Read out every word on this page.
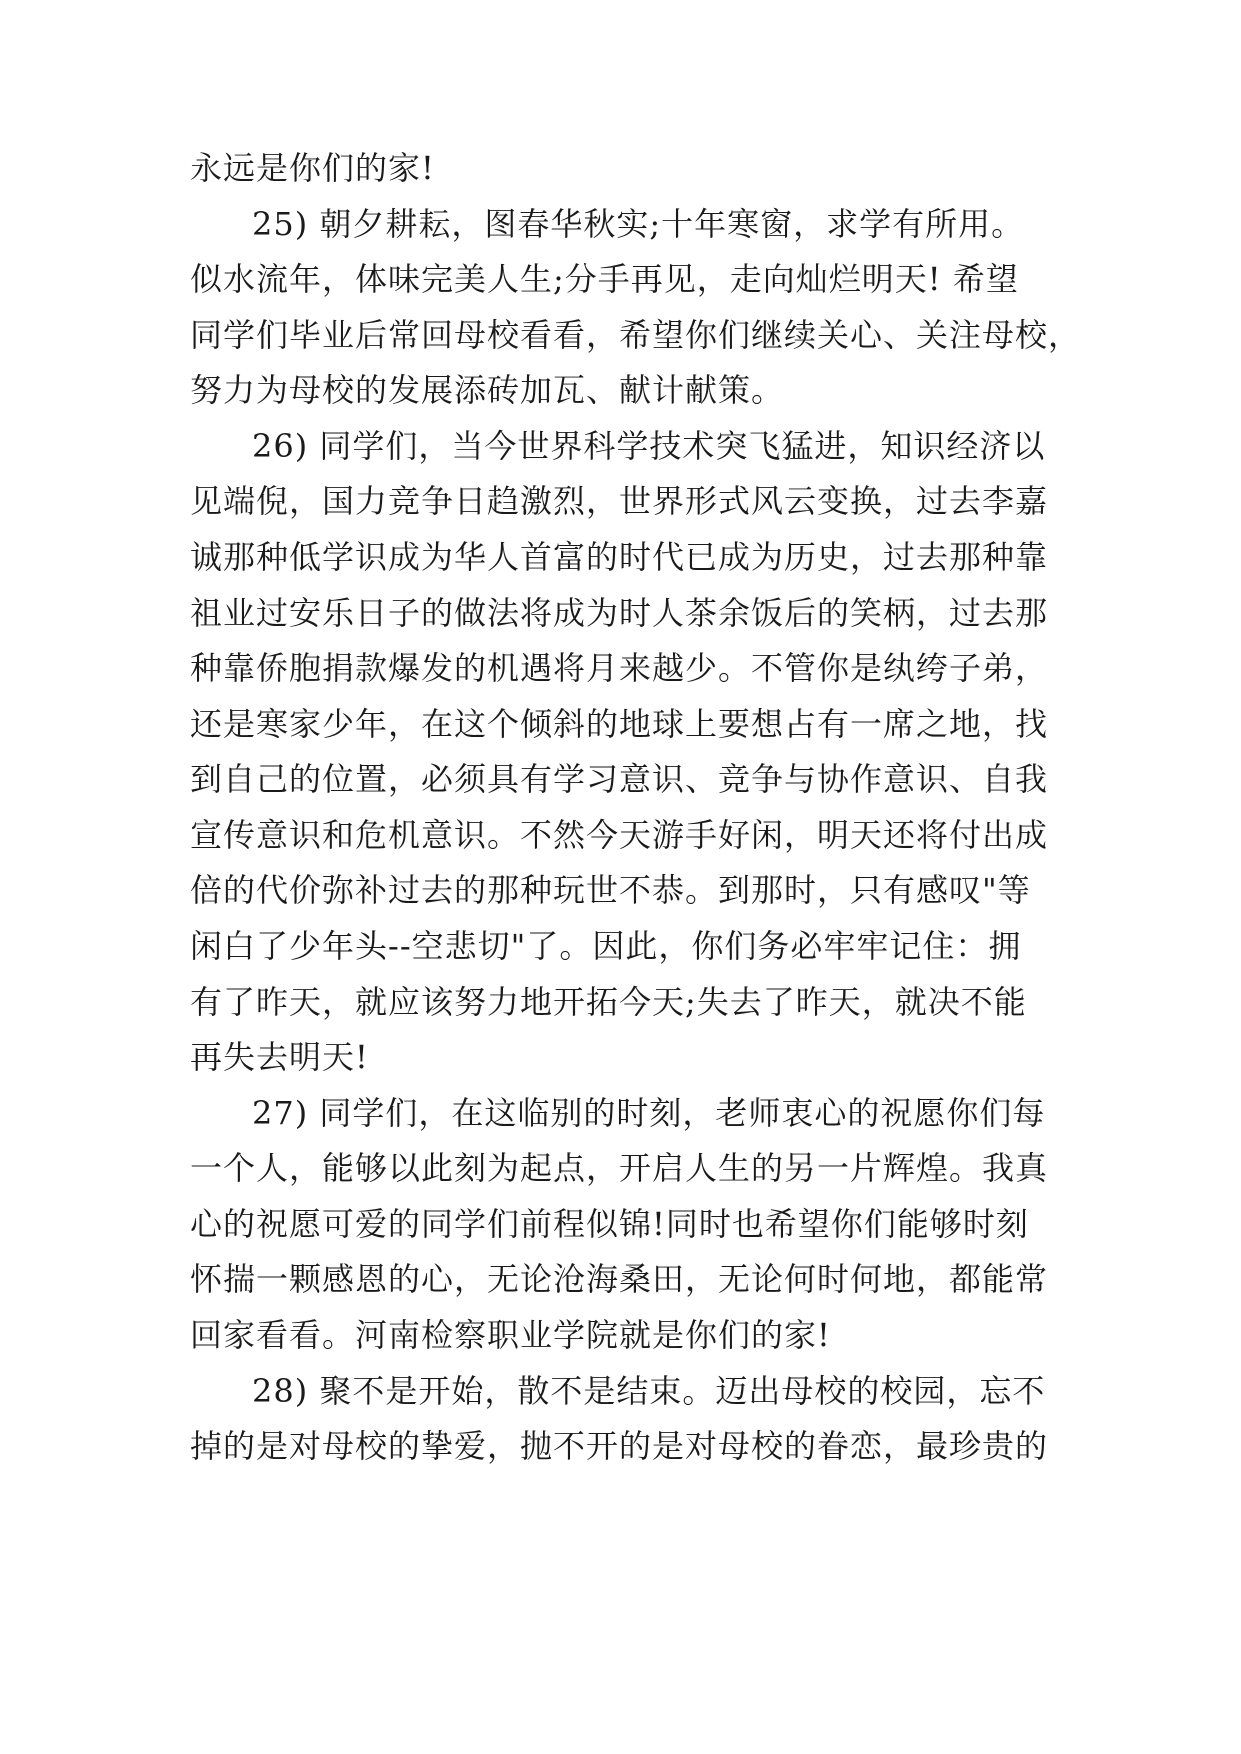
永远是你们的家!
25) 朝夕耕耘，图春华秋实;十年寒窗，求学有所用。
似水流年，体味完美人生;分手再见，走向灿烂明天! 希望
同学们毕业后常回母校看看，希望你们继续关心、关注母校，
努力为母校的发展添砖加瓦、献计献策。
26) 同学们，当今世界科学技术突飞猛进，知识经济以
见端倪，国力竞争日趋激烈，世界形式风云变换，过去李嘉
诚那种低学识成为华人首富的时代已成为历史，过去那种靠
祖业过安乐日子的做法将成为时人茶余饭后的笑柄，过去那
种靠侨胞捐款爆发的机遇将月来越少。不管你是纨绔子弟，
还是寒家少年，在这个倾斜的地球上要想占有一席之地，找
到自己的位置，必须具有学习意识、竞争与协作意识、自我
宣传意识和危机意识。不然今天游手好闲，明天还将付出成
倍的代价弥补过去的那种玩世不恭。到那时，只有感叹"等
闲白了少年头--空悲切"了。因此，你们务必牢牢记住：拥
有了昨天，就应该努力地开拓今天;失去了昨天，就决不能
再失去明天!
27) 同学们，在这临别的时刻，老师衷心的祝愿你们每
一个人，能够以此刻为起点，开启人生的另一片辉煌。我真
心的祝愿可爱的同学们前程似锦!同时也希望你们能够时刻
怀揣一颗感恩的心，无论沧海桑田，无论何时何地，都能常
回家看看。河南检察职业学院就是你们的家!
28) 聚不是开始，散不是结束。迈出母校的校园，忘不
掉的是对母校的挚爱，抛不开的是对母校的眷恋，最珍贵的
